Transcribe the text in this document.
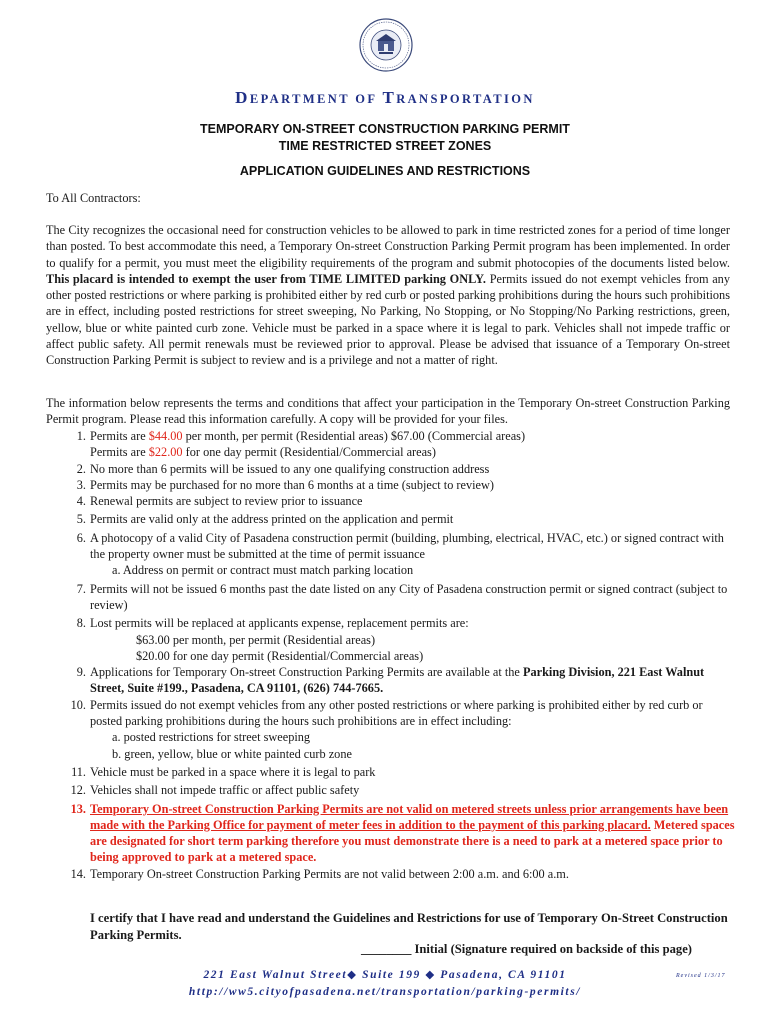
DEPARTMENT OF TRANSPORTATION
TEMPORARY ON-STREET CONSTRUCTION PARKING PERMIT
TIME RESTRICTED STREET ZONES
APPLICATION GUIDELINES AND RESTRICTIONS
To All Contractors:
The City recognizes the occasional need for construction vehicles to be allowed to park in time restricted zones for a period of time longer than posted. To best accommodate this need, a Temporary On-street Construction Parking Permit program has been implemented. In order to qualify for a permit, you must meet the eligibility requirements of the program and submit photocopies of the documents listed below. This placard is intended to exempt the user from TIME LIMITED parking ONLY. Permits issued do not exempt vehicles from any other posted restrictions or where parking is prohibited either by red curb or posted parking prohibitions during the hours such prohibitions are in effect, including posted restrictions for street sweeping, No Parking, No Stopping, or No Stopping/No Parking restrictions, green, yellow, blue or white painted curb zone. Vehicle must be parked in a space where it is legal to park. Vehicles shall not impede traffic or affect public safety. All permit renewals must be reviewed prior to approval. Please be advised that issuance of a Temporary On-street Construction Parking Permit is subject to review and is a privilege and not a matter of right.
The information below represents the terms and conditions that affect your participation in the Temporary On-street Construction Parking Permit program. Please read this information carefully. A copy will be provided for your files.
1. Permits are $44.00 per month, per permit (Residential areas) $67.00 (Commercial areas)
Permits are $22.00 for one day permit (Residential/Commercial areas)
2. No more than 6 permits will be issued to any one qualifying construction address
3. Permits may be purchased for no more than 6 months at a time (subject to review)
4. Renewal permits are subject to review prior to issuance
5. Permits are valid only at the address printed on the application and permit
6. A photocopy of a valid City of Pasadena construction permit (building, plumbing, electrical, HVAC, etc.) or signed contract with the property owner must be submitted at the time of permit issuance
a. Address on permit or contract must match parking location
7. Permits will not be issued 6 months past the date listed on any City of Pasadena construction permit or signed contract (subject to review)
8. Lost permits will be replaced at applicants expense, replacement permits are:
$63.00 per month, per permit (Residential areas)
$20.00 for one day permit (Residential/Commercial areas)
9. Applications for Temporary On-street Construction Parking Permits are available at the Parking Division, 221 East Walnut Street, Suite #199., Pasadena, CA 91101, (626) 744-7665.
10. Permits issued do not exempt vehicles from any other posted restrictions or where parking is prohibited either by red curb or posted parking prohibitions during the hours such prohibitions are in effect including:
a. posted restrictions for street sweeping
b. green, yellow, blue or white painted curb zone
11. Vehicle must be parked in a space where it is legal to park
12. Vehicles shall not impede traffic or affect public safety
13. Temporary On-street Construction Parking Permits are not valid on metered streets unless prior arrangements have been made with the Parking Office for payment of meter fees in addition to the payment of this parking placard. Metered spaces are designated for short term parking therefore you must demonstrate there is a need to park at a metered space prior to being approved to park at a metered space.
14. Temporary On-street Construction Parking Permits are not valid between 2:00 a.m. and 6:00 a.m.
I certify that I have read and understand the Guidelines and Restrictions for use of Temporary On-Street Construction Parking Permits.
________ Initial (Signature required on backside of this page)
221 East Walnut Street◆ Suite 199 ◆ Pasadena, CA 91101
http://ww5.cityofpasadena.net/transportation/parking-permits/
Revised 1/3/17
